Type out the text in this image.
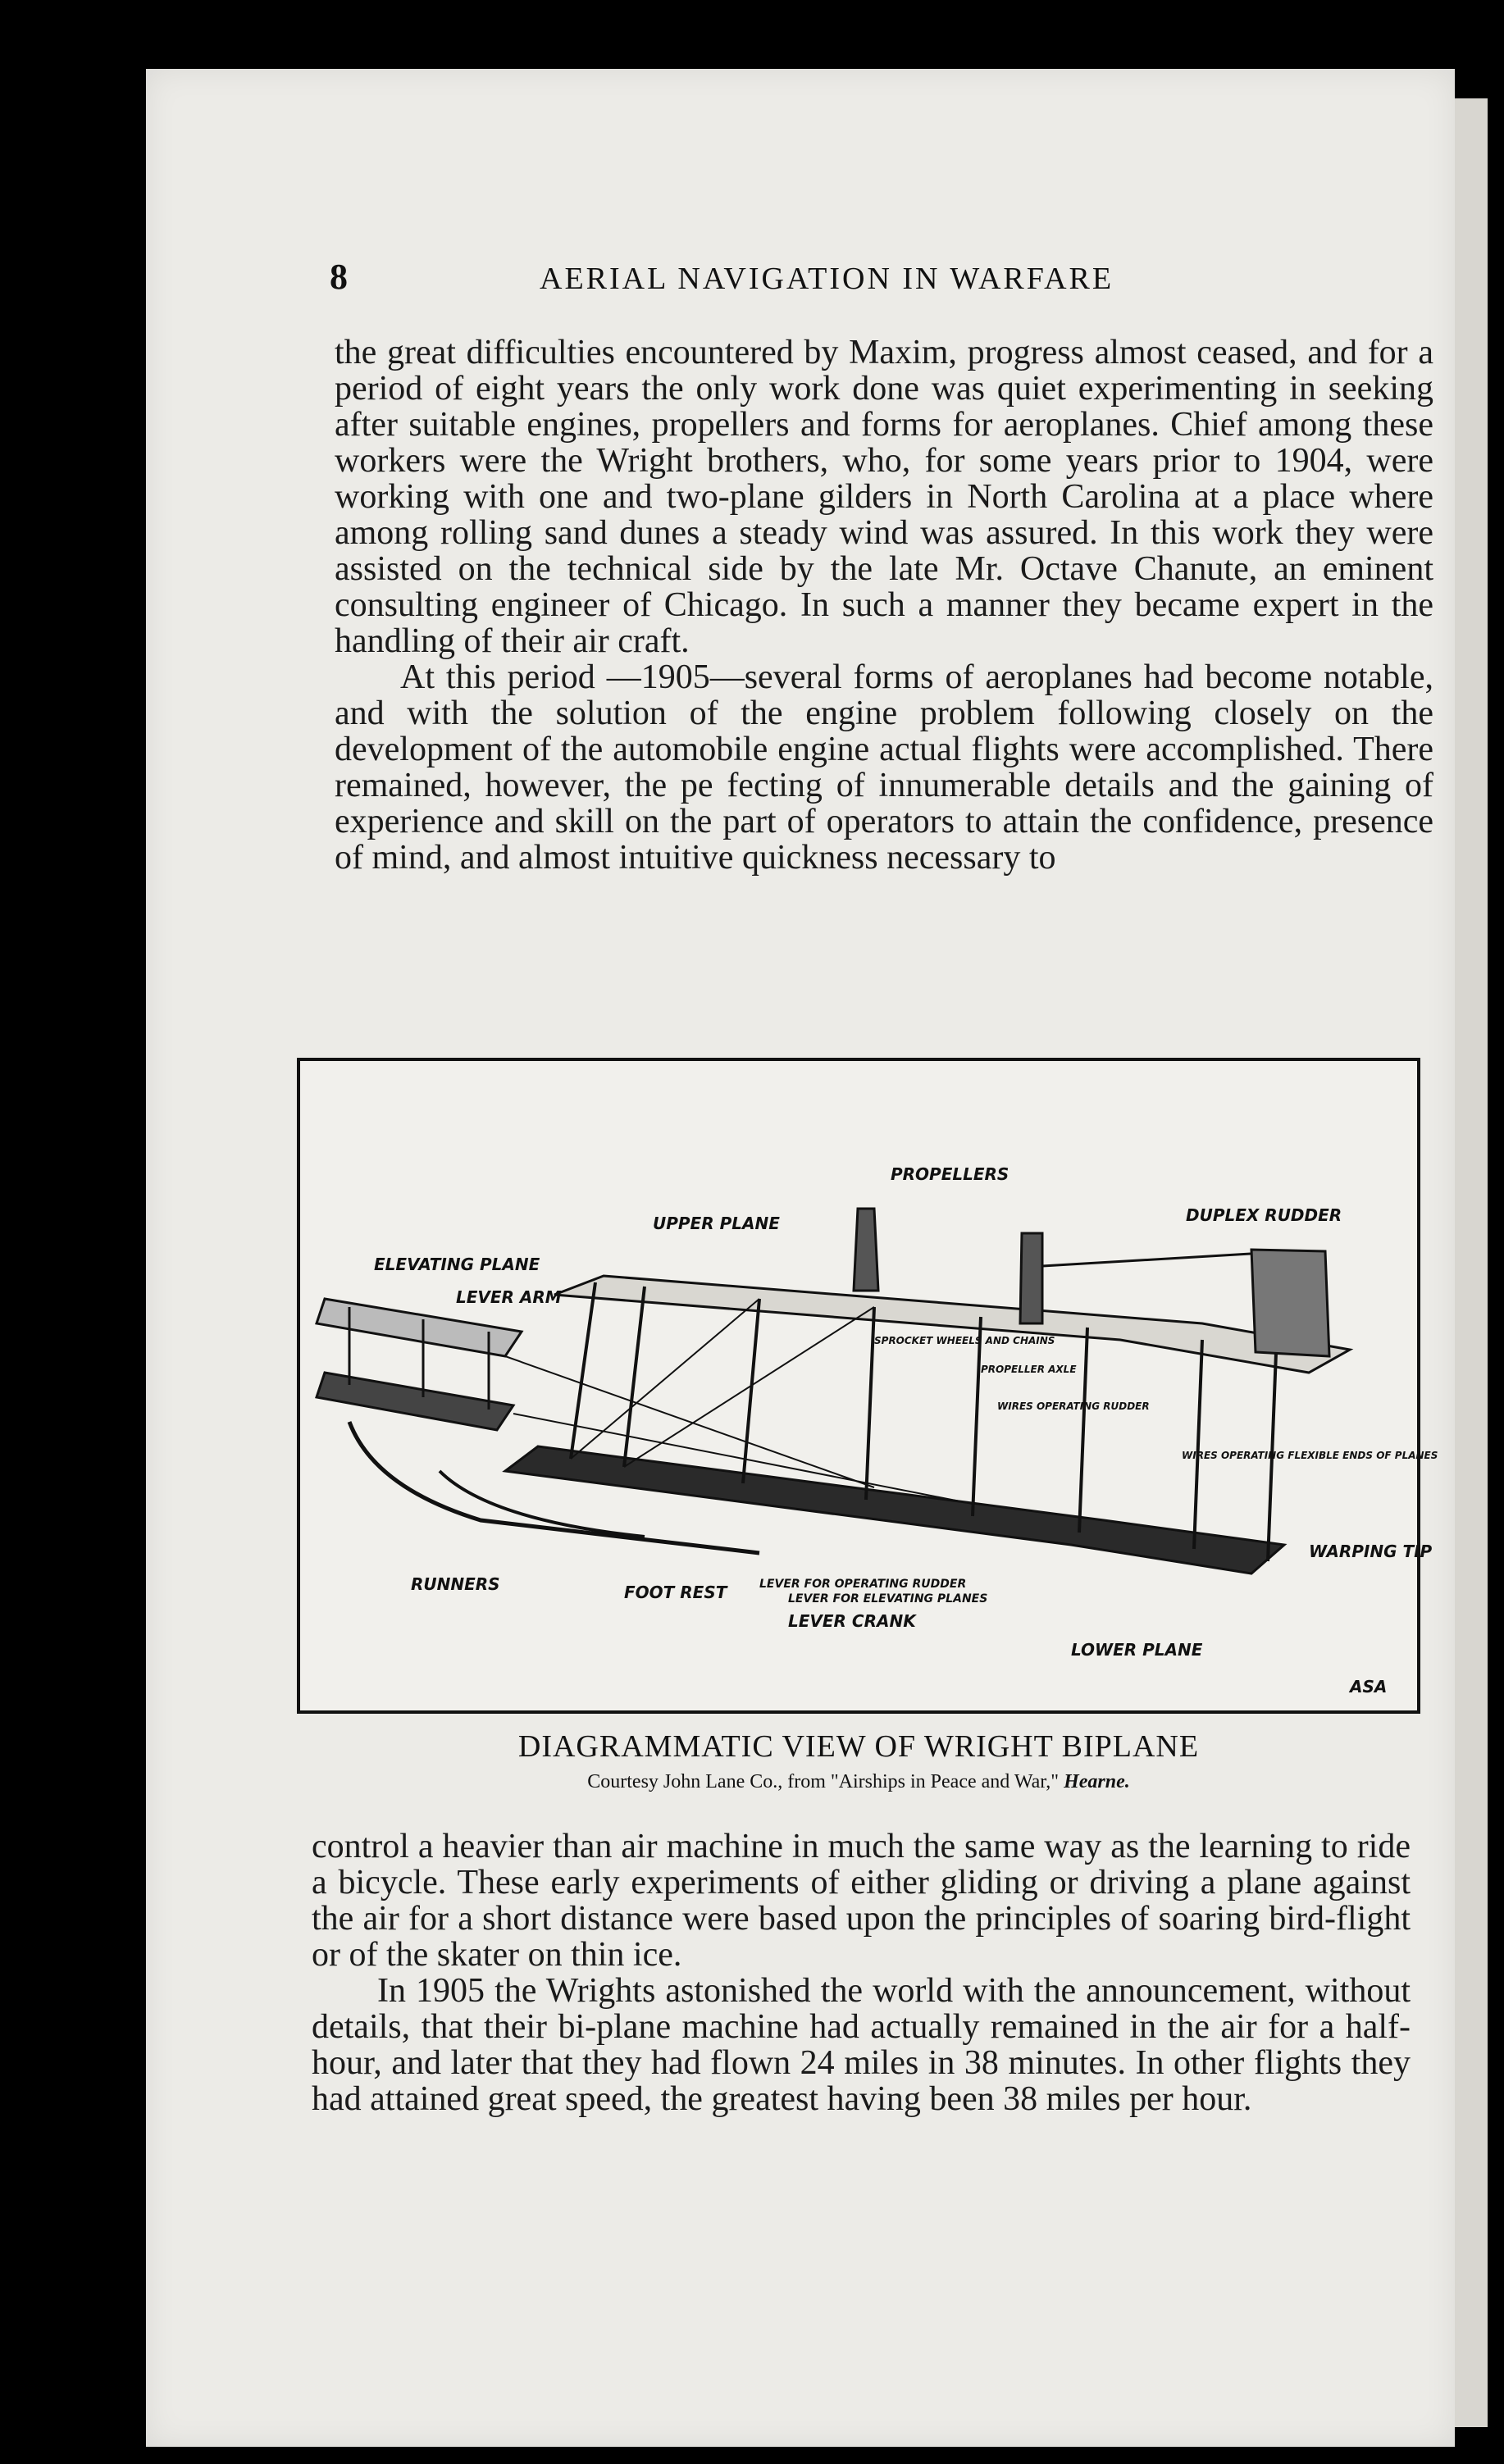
8	AERIAL NAVIGATION IN WARFARE

the great difficulties encountered by Maxim, progress almost ceased, and for a period of eight years the only work done was quiet experimenting in seeking after suitable engines, propellers and forms for aeroplanes. Chief among these workers were the Wright brothers, who, for some years prior to 1904, were working with one and two-plane gilders in North Carolina at a place where among rolling sand dunes a steady wind was assured. In this work they were assisted on the technical side by the late Mr. Octave Chanute, an eminent consulting engineer of Chicago. In such a manner they became expert in the handling of their air craft.

At this period —1905—several forms of aeroplanes had become notable, and with the solution of the engine problem following closely on the development of the automobile engine actual flights were accomplished. There remained, however, the pe fecting of innumerable details and the gaining of experience and skill on the part of operators to attain the confidence, presence of mind, and almost intuitive quickness necessary to

PROPELLERS
UPPER PLANE	DUPLEX RUDDER
ELEVATING PLANE
LEVER ARM
SPROCKET WHEELS AND CHAINS
PROPELLER AXLE
WIRES OPERATING RUDDER
WIRES OPERATING FLEXIBLE ENDS OF PLANES
WARPING TIP
RUNNERS	FOOT REST	LEVER FOR OPERATING RUDDER
LEVER FOR ELEVATING PLANES
LEVER CRANK
LOWER PLANE
ASA
DIAGRAMMATIC VIEW OF WRIGHT BIPLANE
Courtesy John Lane Co., from "Airships in Peace and War," Hearne.

control a heavier than air machine in much the same way as the learning to ride a bicycle. These early experiments of either gliding or driving a plane against the air for a short distance were based upon the principles of soaring bird-flight or of the skater on thin ice.

In 1905 the Wrights astonished the world with the announcement, without details, that their bi-plane machine had actually remained in the air for a half-hour, and later that they had flown 24 miles in 38 minutes. In other flights they had attained great speed, the greatest having been 38 miles per hour.
